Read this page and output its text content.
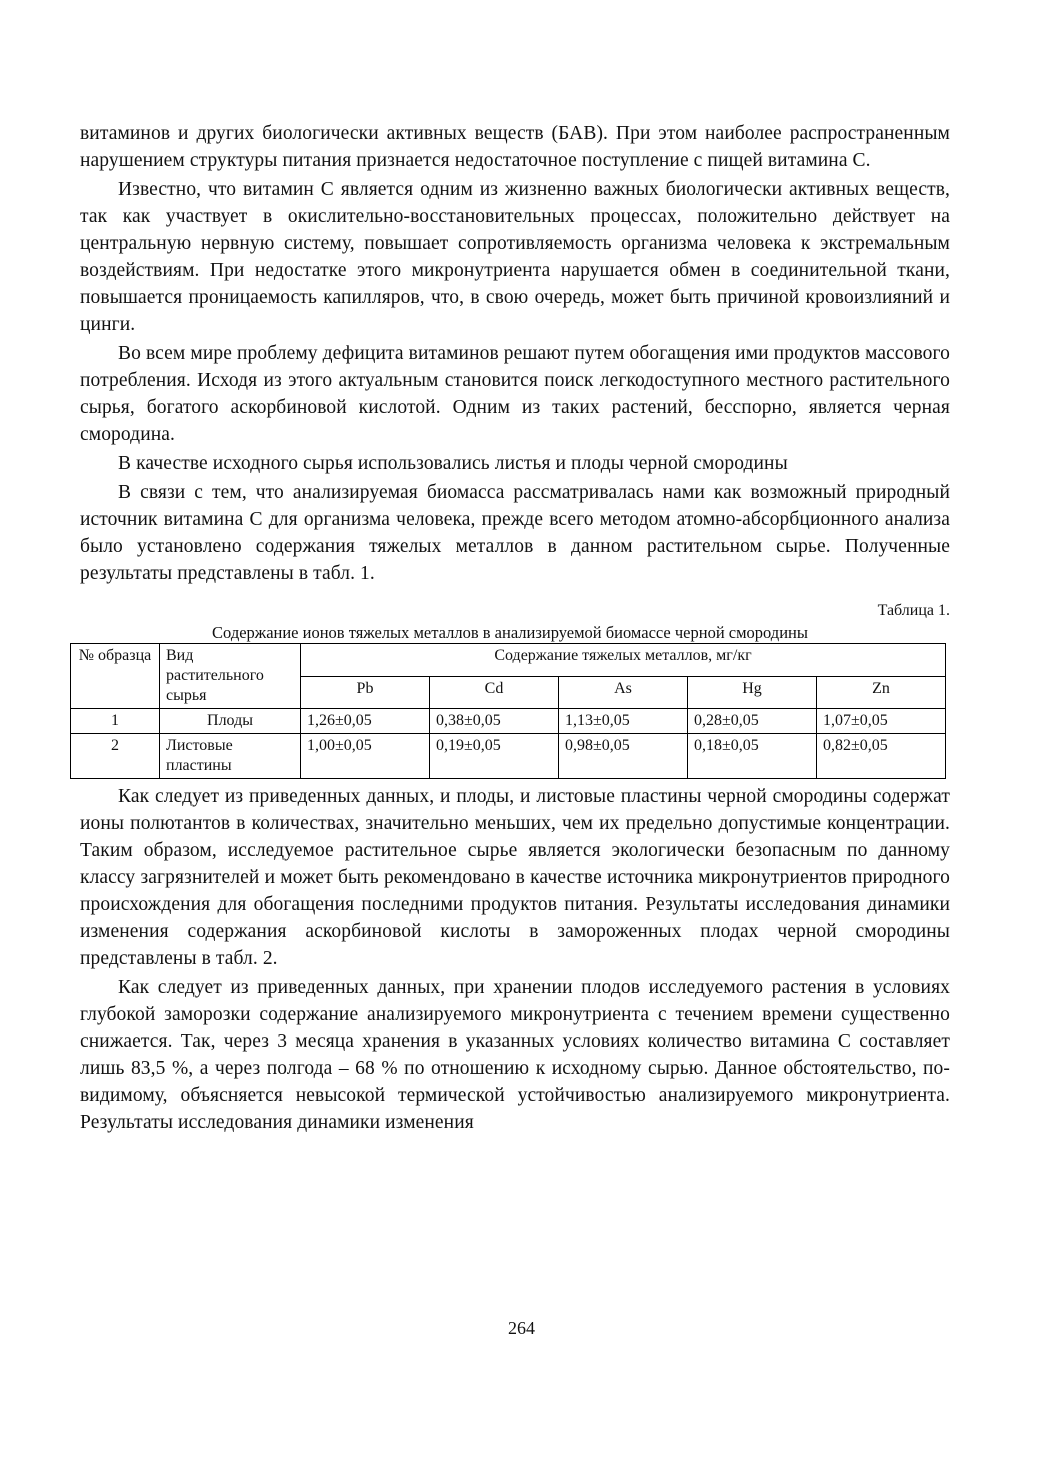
витаминов и других биологически активных веществ (БАВ). При этом наиболее распространенным нарушением структуры питания признается недостаточное поступление с пищей витамина С.

Известно, что витамин С является одним из жизненно важных биологически активных веществ, так как участвует в окислительно-восстановительных процессах, положительно действует на центральную нервную систему, повышает сопротивляемость организма человека к экстремальным воздействиям. При недостатке этого микронутриента нарушается обмен в соединительной ткани, повышается проницаемость капилляров, что, в свою очередь, может быть причиной кровоизлияний и цинги.

Во всем мире проблему дефицита витаминов решают путем обогащения ими продуктов массового потребления. Исходя из этого актуальным становится поиск легкодоступного местного растительного сырья, богатого аскорбиновой кислотой. Одним из таких растений, бесспорно, является черная смородина.

В качестве исходного сырья использовались листья и плоды черной смородины

В связи с тем, что анализируемая биомасса рассматривалась нами как возможный природный источник витамина С для организма человека, прежде всего методом атомно-абсорбционного анализа было установлено содержания тяжелых металлов в данном растительном сырье. Полученные результаты представлены в табл. 1.

Таблица 1.
Содержание ионов тяжелых металлов в анализируемой биомассе черной смородины
№ образца	Вид растительного сырья	Содержание тяжелых металлов, мг/кг				
		Pb	Cd	As	Hg	Zn
1	Плоды	1,26±0,05	0,38±0,05	1,13±0,05	0,28±0,05	1,07±0,05
2	Листовые пластины	1,00±0,05	0,19±0,05	0,98±0,05	0,18±0,05	0,82±0,05

Как следует из приведенных данных, и плоды, и листовые пластины черной смородины содержат ионы полютантов в количествах, значительно меньших, чем их предельно допустимые концентрации. Таким образом, исследуемое растительное сырье является экологически безопасным по данному классу загрязнителей и может быть рекомендовано в качестве источника микронутриентов природного происхождения для обогащения последними продуктов питания. Результаты исследования динамики изменения содержания аскорбиновой кислоты в замороженных плодах черной смородины представлены в табл. 2.

Как следует из приведенных данных, при хранении плодов исследуемого растения в условиях глубокой заморозки содержание анализируемого микронутриента с течением времени существенно снижается. Так, через 3 месяца хранения в указанных условиях количество витамина С составляет лишь 83,5 %, а через полгода – 68 % по отношению к исходному сырью. Данное обстоятельство, по-видимому, объясняется невысокой термической устойчивостью анализируемого микронутриента. Результаты исследования динамики изменения

264
